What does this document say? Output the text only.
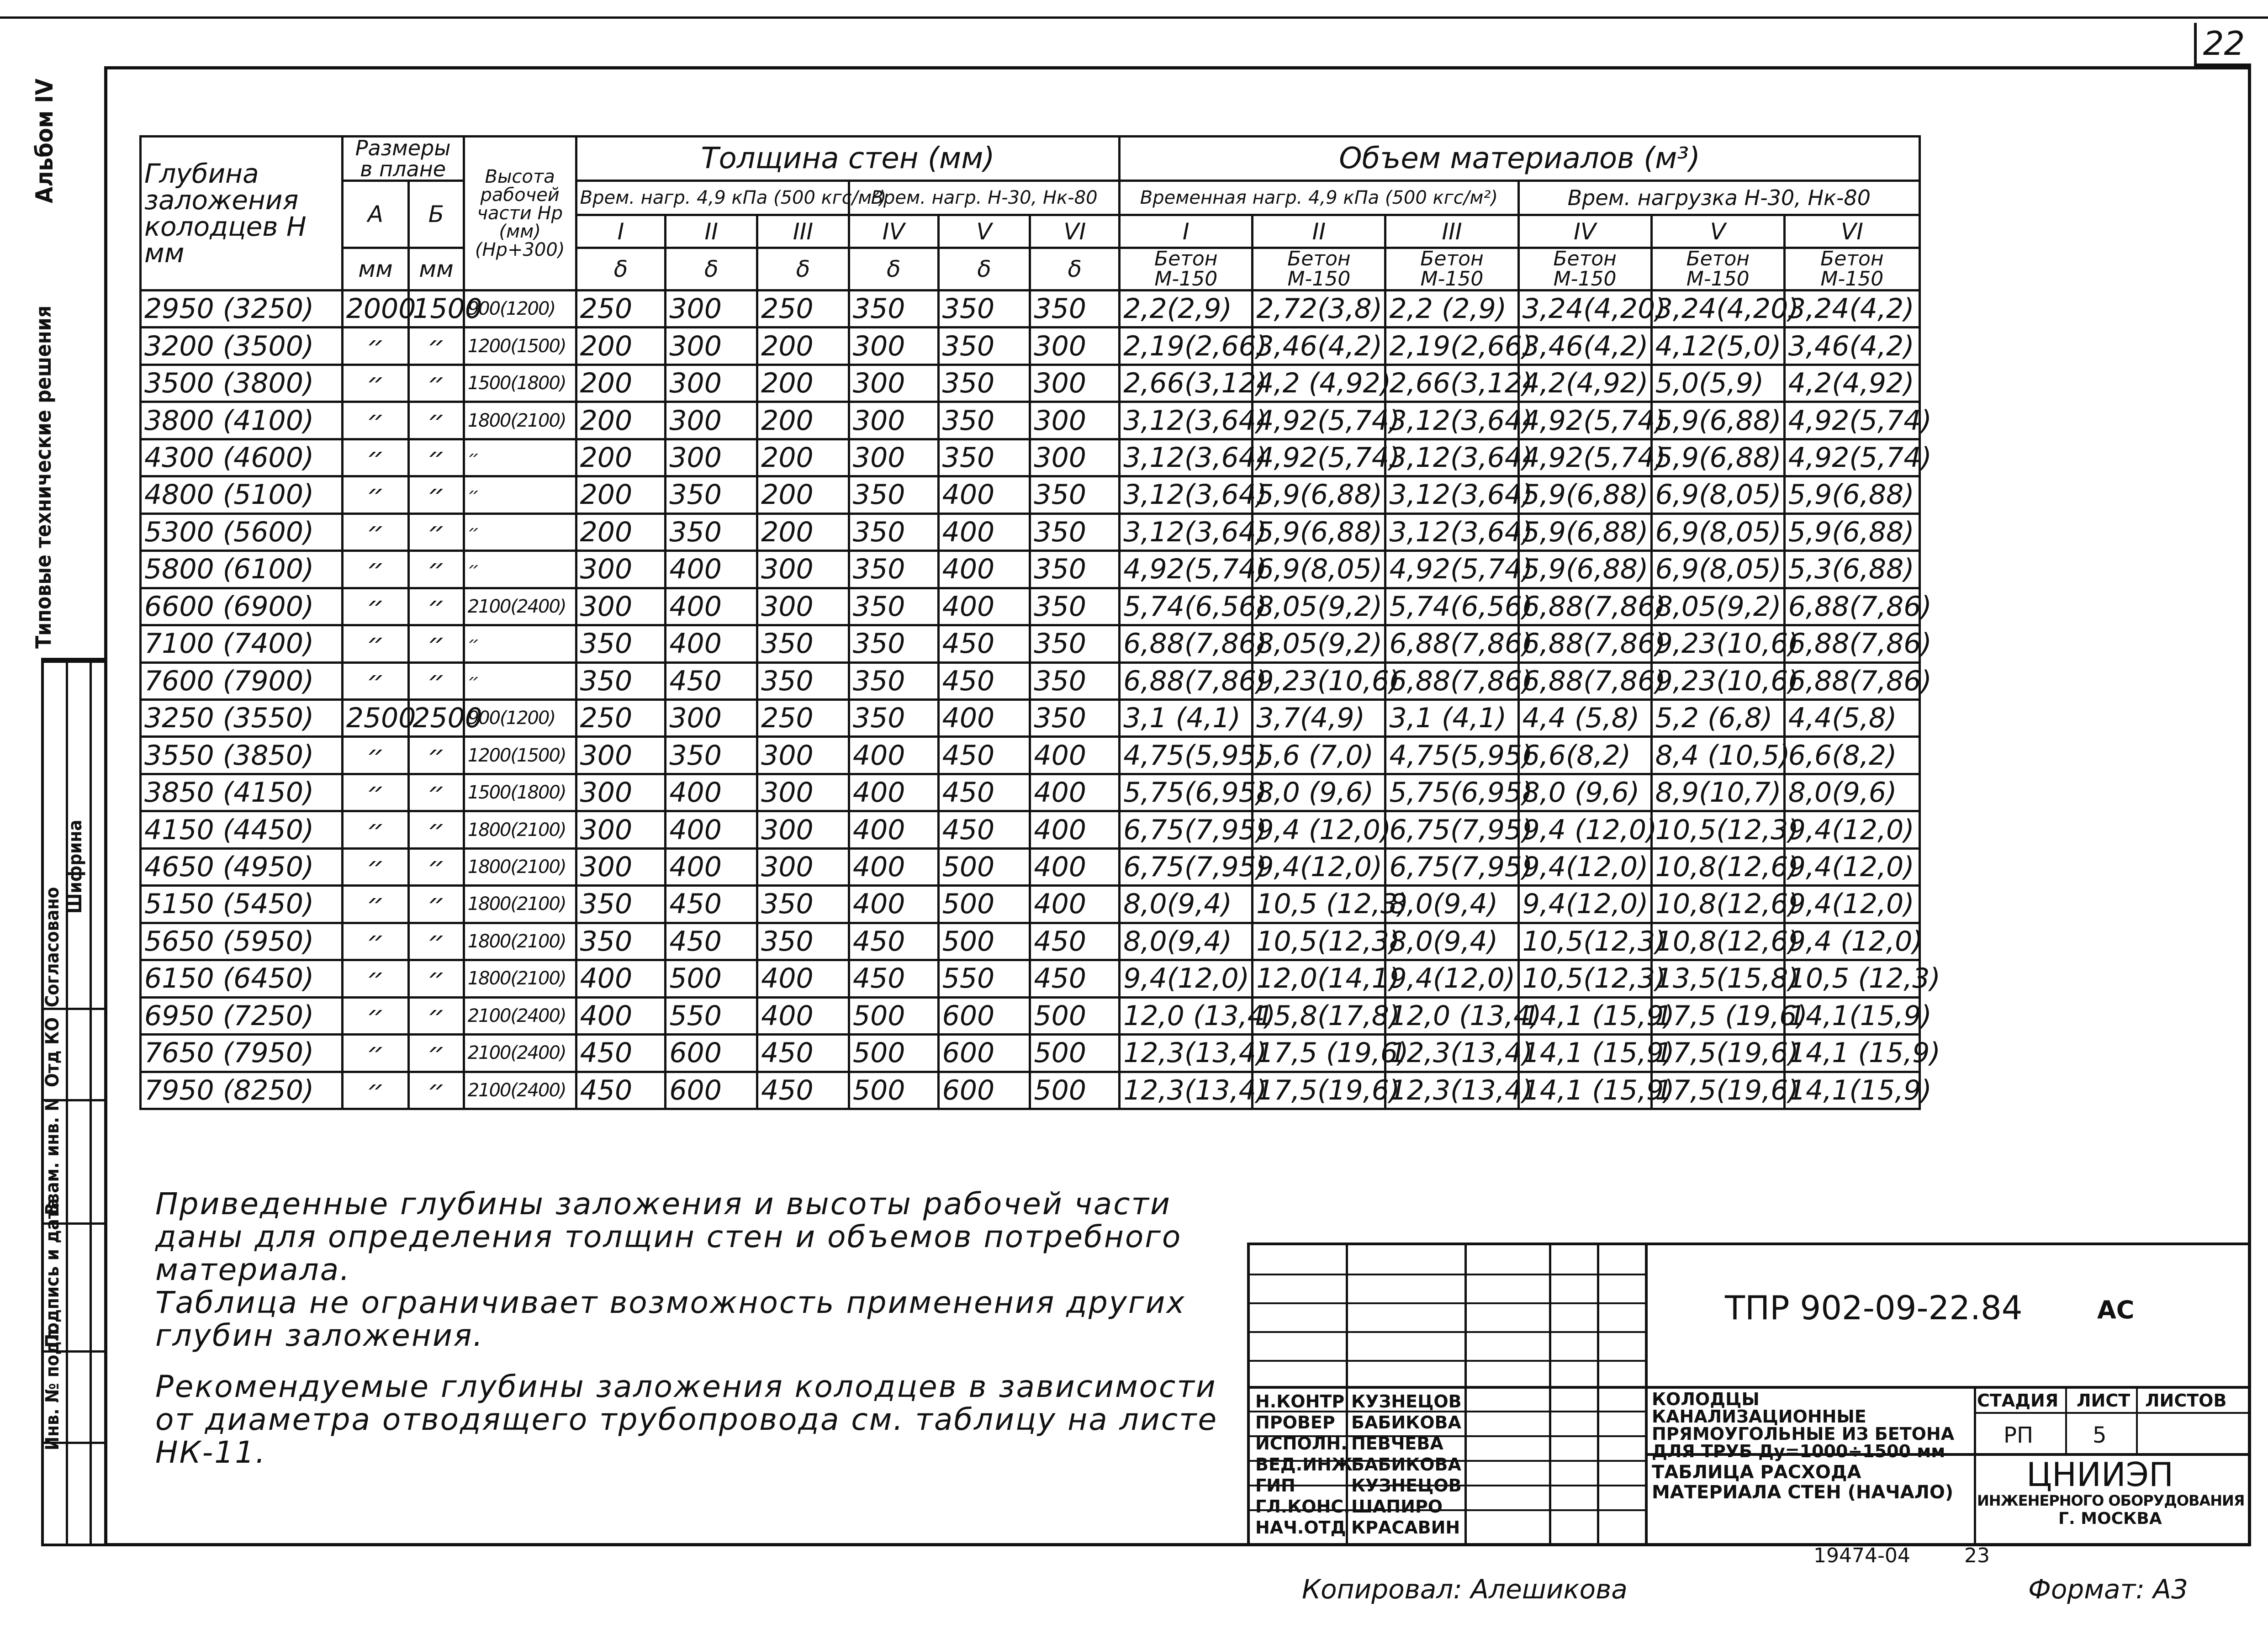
22
Альбом IV
Типовые технические решения
Согласовано
Отд КО
Шифрина
Взам. инв. N
Подпись и дата
Инв. № подл.
Глубина заложения колодцев Н мм	Размеры в плане		Высота рабочей части Нр (мм) (Нр+300)	Толщина стен (мм)						Объем материалов (м³)					
	А	Б		Врем. нагр. 4,9 кПа (500 кгс/м²)			Врем. нагр. Н-30, Нк-80			Временная нагр. 4,9 кПа (500 кгс/м²)			Врем. нагрузка Н-30, Нк-80		
				I	II	III	IV	V	VI	I	II	III	IV	V	VI
	мм	мм		δ	δ	δ	δ	δ	δ	Бетон М-150	Бетон М-150	Бетон М-150	Бетон М-150	Бетон М-150	Бетон М-150
2950 (3250)	2000	1500	900(1200)	250	300	250	350	350	350	2,2(2,9)	2,72(3,8)	2,2 (2,9)	3,24(4,20)	3,24(4,20)	3,24(4,2)
3200 (3500)	״	״	1200(1500)	200	300	200	300	350	300	2,19(2,66)	3,46(4,2)	2,19(2,66)	3,46(4,2)	4,12(5,0)	3,46(4,2)
3500 (3800)	״	״	1500(1800)	200	300	200	300	350	300	2,66(3,12)	4,2 (4,92)	2,66(3,12)	4,2(4,92)	5,0(5,9)	4,2(4,92)
3800 (4100)	״	״	1800(2100)	200	300	200	300	350	300	3,12(3,64)	4,92(5,74)	3,12(3,64)	4,92(5,74)	5,9(6,88)	4,92(5,74)
4300 (4600)	״	״	״	200	300	200	300	350	300	3,12(3,64)	4,92(5,74)	3,12(3,64)	4,92(5,74)	5,9(6,88)	4,92(5,74)
4800 (5100)	״	״	״	200	350	200	350	400	350	3,12(3,64)	5,9(6,88)	3,12(3,64)	5,9(6,88)	6,9(8,05)	5,9(6,88)
5300 (5600)	״	״	״	200	350	200	350	400	350	3,12(3,64)	5,9(6,88)	3,12(3,64)	5,9(6,88)	6,9(8,05)	5,9(6,88)
5800 (6100)	״	״	״	300	400	300	350	400	350	4,92(5,74)	6,9(8,05)	4,92(5,74)	5,9(6,88)	6,9(8,05)	5,3(6,88)
6600 (6900)	״	״	2100(2400)	300	400	300	350	400	350	5,74(6,56)	8,05(9,2)	5,74(6,56)	6,88(7,86)	8,05(9,2)	6,88(7,86)
7100 (7400)	״	״	״	350	400	350	350	450	350	6,88(7,86)	8,05(9,2)	6,88(7,86)	6,88(7,86)	9,23(10,6)	6,88(7,86)
7600 (7900)	״	״	״	350	450	350	350	450	350	6,88(7,86)	9,23(10,6)	6,88(7,86)	6,88(7,86)	9,23(10,6)	6,88(7,86)
3250 (3550)	2500	2500	900(1200)	250	300	250	350	400	350	3,1 (4,1)	3,7(4,9)	3,1 (4,1)	4,4 (5,8)	5,2 (6,8)	4,4(5,8)
3550 (3850)	״	״	1200(1500)	300	350	300	400	450	400	4,75(5,95)	5,6 (7,0)	4,75(5,95)	6,6(8,2)	8,4 (10,5)	6,6(8,2)
3850 (4150)	״	״	1500(1800)	300	400	300	400	450	400	5,75(6,95)	8,0 (9,6)	5,75(6,95)	8,0 (9,6)	8,9(10,7)	8,0(9,6)
4150 (4450)	״	״	1800(2100)	300	400	300	400	450	400	6,75(7,95)	9,4 (12,0)	6,75(7,95)	9,4 (12,0)	10,5(12,3)	9,4(12,0)
4650 (4950)	״	״	1800(2100)	300	400	300	400	500	400	6,75(7,95)	9,4(12,0)	6,75(7,95)	9,4(12,0)	10,8(12,6)	9,4(12,0)
5150 (5450)	״	״	1800(2100)	350	450	350	400	500	400	8,0(9,4)	10,5 (12,3)	8,0(9,4)	9,4(12,0)	10,8(12,6)	9,4(12,0)
5650 (5950)	״	״	1800(2100)	350	450	350	450	500	450	8,0(9,4)	10,5(12,3)	8,0(9,4)	10,5(12,3)	10,8(12,6)	9,4 (12,0)
6150 (6450)	״	״	1800(2100)	400	500	400	450	550	450	9,4(12,0)	12,0(14,1)	9,4(12,0)	10,5(12,3)	13,5(15,8)	10,5 (12,3)
6950 (7250)	״	״	2100(2400)	400	550	400	500	600	500	12,0 (13,4)	15,8(17,8)	12,0 (13,4)	14,1 (15,9)	17,5 (19,6)	14,1(15,9)
7650 (7950)	״	״	2100(2400)	450	600	450	500	600	500	12,3(13,4)	17,5 (19,6)	12,3(13,4)	14,1 (15,9)	17,5(19,6)	14,1 (15,9)
7950 (8250)	״	״	2100(2400)	450	600	450	500	600	500	12,3(13,4)	17,5(19,6)	12,3(13,4)	14,1 (15,9)	17,5(19,6)	14,1(15,9)

Приведенные глубины заложения и высоты рабочей части даны для определения толщин стен и объемов потребного материала.

Таблица не ограничивает возможность применения других глубин заложения.

Рекомендуемые глубины заложения колодцев в зависимости от диаметра отводящего трубопровода см. таблицу на листе НК-11.

ТПР 902-09-22.84	АС
Н.КОНТР КУЗНЕЦОВ
ПРОВЕР БАБИКОВА
ИСПОЛН. ПЕВЧЕВА
ВЕД.ИНЖ
БАБИКОВА
ГИП	КУЗНЕЦОВ
ГЛ.КОНС. ШАПИРО
НАЧ.ОТД КРАСАВИН
КОЛОДЦЫ КАНАЛИЗАЦИОННЫЕ ПРЯМОУГОЛЬНЫЕ ИЗ БЕТОНА ДЛЯ ТРУБ Ду=1000÷1500 мм
ТАБЛИЦА РАСХОДА МАТЕРИАЛА СТЕН (НАЧАЛО)
СТАДИЯ ЛИСТ ЛИСТОВ
РП	5
ЦНИИЭП
ИНЖЕНЕРНОГО ОБОРУДОВАНИЯ
Г. МОСКВА
19474-04	23
Копировал: Алешикова	Формат: А3
